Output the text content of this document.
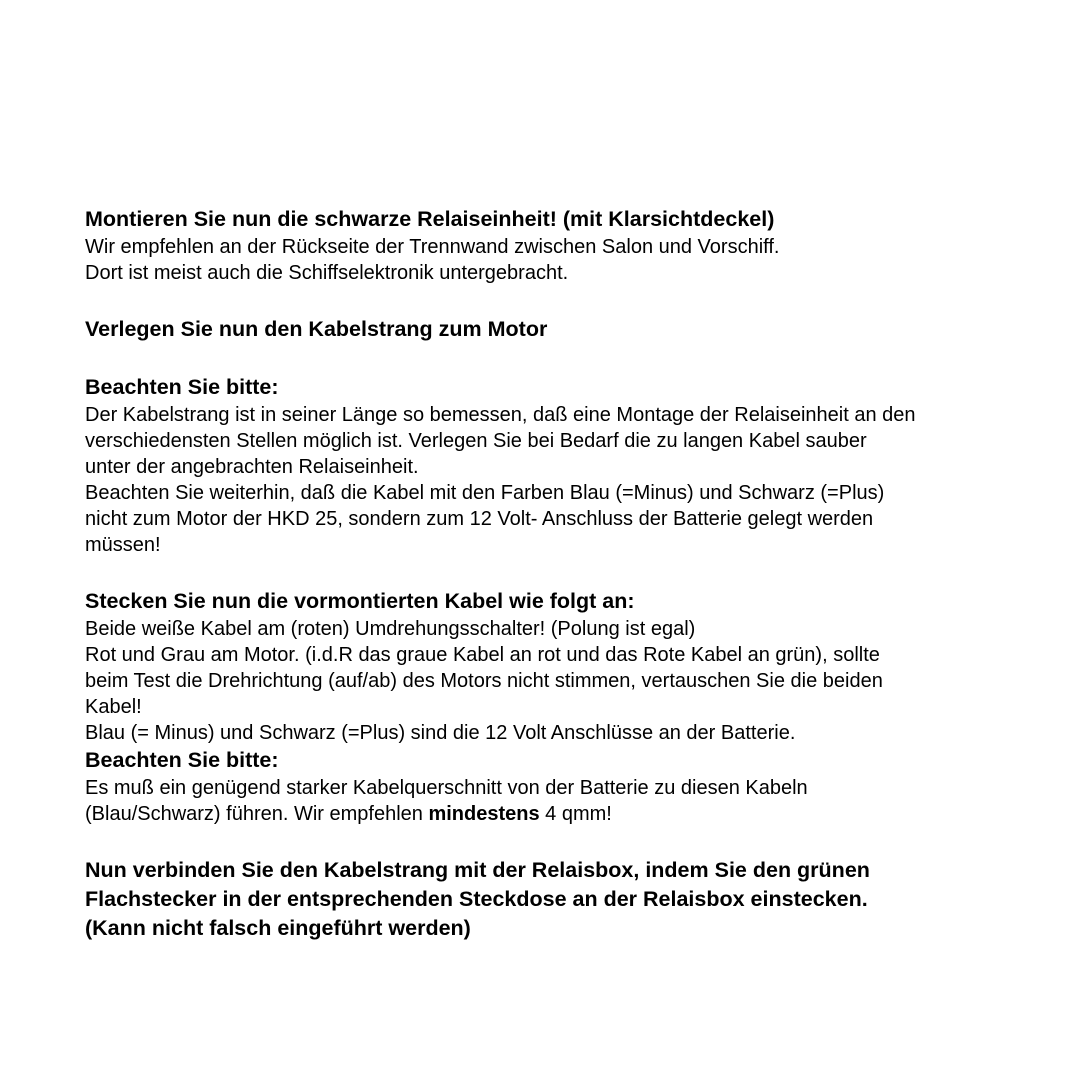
Montieren Sie nun die schwarze Relaiseinheit! (mit Klarsichtdeckel)

Wir empfehlen an der Rückseite der Trennwand zwischen Salon und Vorschiff.

Dort ist meist auch die Schiffselektronik untergebracht.

Verlegen Sie nun den Kabelstrang zum Motor

Beachten Sie bitte:

Der Kabelstrang ist in seiner Länge so bemessen, daß eine Montage der Relaiseinheit an den

verschiedensten Stellen möglich ist. Verlegen Sie bei Bedarf die zu langen Kabel sauber

unter der angebrachten Relaiseinheit.

Beachten Sie weiterhin, daß die Kabel mit den Farben Blau (=Minus) und Schwarz (=Plus)

nicht zum Motor der HKD 25, sondern zum 12 Volt- Anschluss der Batterie gelegt werden

müssen!

Stecken Sie nun die vormontierten Kabel wie folgt an:

Beide weiße Kabel am (roten) Umdrehungsschalter! (Polung ist egal)

Rot und Grau am Motor. (i.d.R das graue Kabel an rot und das Rote Kabel an grün), sollte

beim Test die Drehrichtung (auf/ab) des Motors nicht stimmen, vertauschen Sie die beiden

Kabel!

Blau (= Minus) und Schwarz (=Plus) sind die 12 Volt Anschlüsse an der Batterie.

Beachten Sie bitte:

Es muß ein genügend starker Kabelquerschnitt von der Batterie zu diesen Kabeln

(Blau/Schwarz) führen. Wir empfehlen mindestens 4 qmm!

Nun verbinden Sie den Kabelstrang mit der Relaisbox, indem Sie den grünen

Flachstecker in der entsprechenden Steckdose an der Relaisbox einstecken.

(Kann nicht falsch eingeführt werden)
